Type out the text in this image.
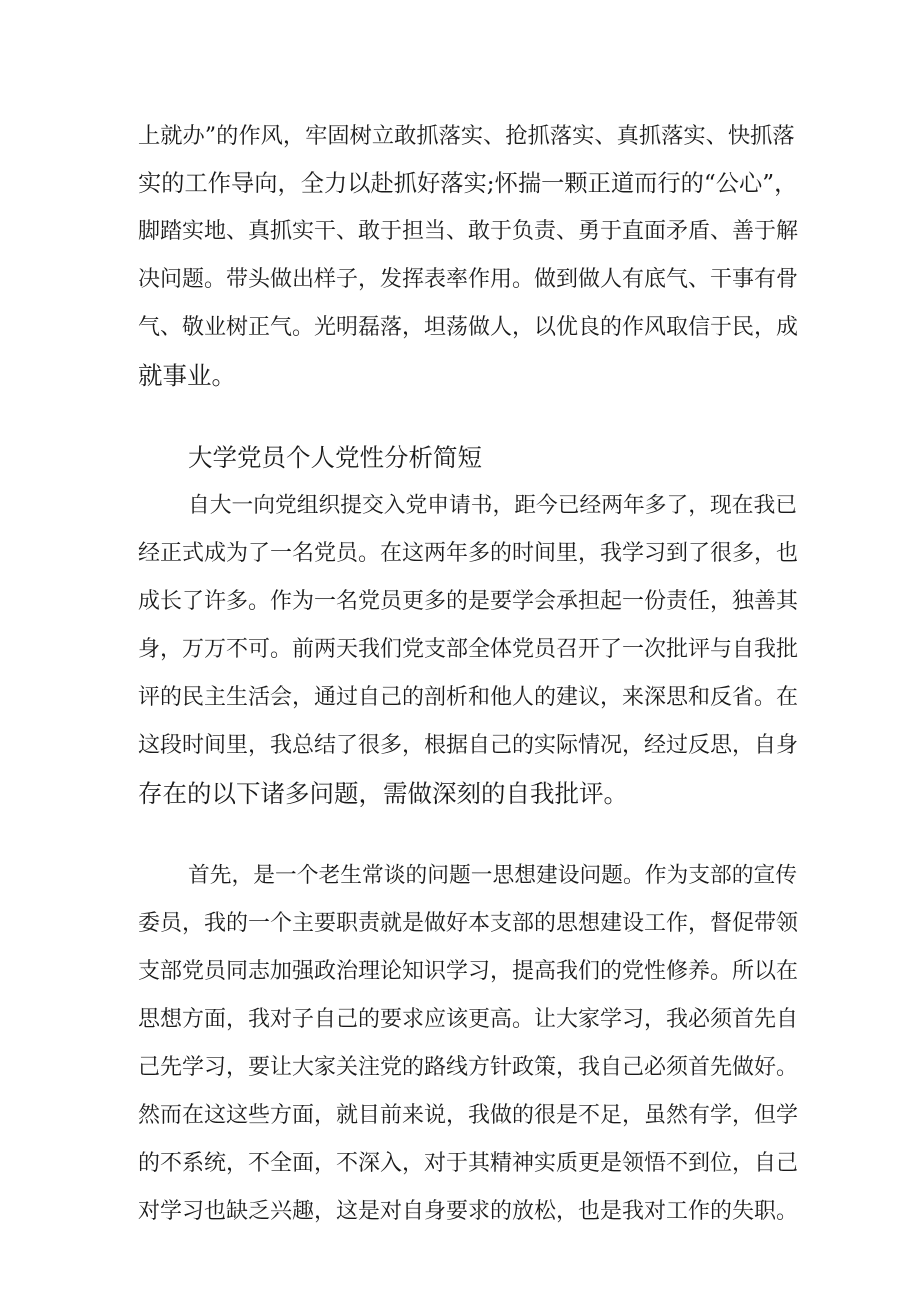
上就办”的作风，牢固树立敢抓落实、抢抓落实、真抓落实、快抓落
实的工作导向，全力以赴抓好落实;怀揣一颗正道而行的“公心”，
脚踏实地、真抓实干、敢于担当、敢于负责、勇于直面矛盾、善于解
决问题。带头做出样子，发挥表率作用。做到做人有底气、干事有骨
气、敬业树正气。光明磊落，坦荡做人，以优良的作风取信于民，成
就事业。
大学党员个人党性分析简短
自大一向党组织提交入党申请书，距今已经两年多了，现在我已
经正式成为了一名党员。在这两年多的时间里，我学习到了很多，也
成长了许多。作为一名党员更多的是要学会承担起一份责任，独善其
身，万万不可。前两天我们党支部全体党员召开了一次批评与自我批
评的民主生活会，通过自己的剖析和他人的建议，来深思和反省。在
这段时间里，我总结了很多，根据自己的实际情况，经过反思，自身
存在的以下诸多问题，需做深刻的自我批评。
首先，是一个老生常谈的问题一思想建设问题。作为支部的宣传
委员，我的一个主要职责就是做好本支部的思想建设工作，督促带领
支部党员同志加强政治理论知识学习，提高我们的党性修养。所以在
思想方面，我对子自己的要求应该更高。让大家学习，我必须首先自
己先学习，要让大家关注党的路线方针政策，我自己必须首先做好。
然而在这这些方面，就目前来说，我做的很是不足，虽然有学，但学
的不系统，不全面，不深入，对于其精神实质更是领悟不到位，自己
对学习也缺乏兴趣，这是对自身要求的放松，也是我对工作的失职。
